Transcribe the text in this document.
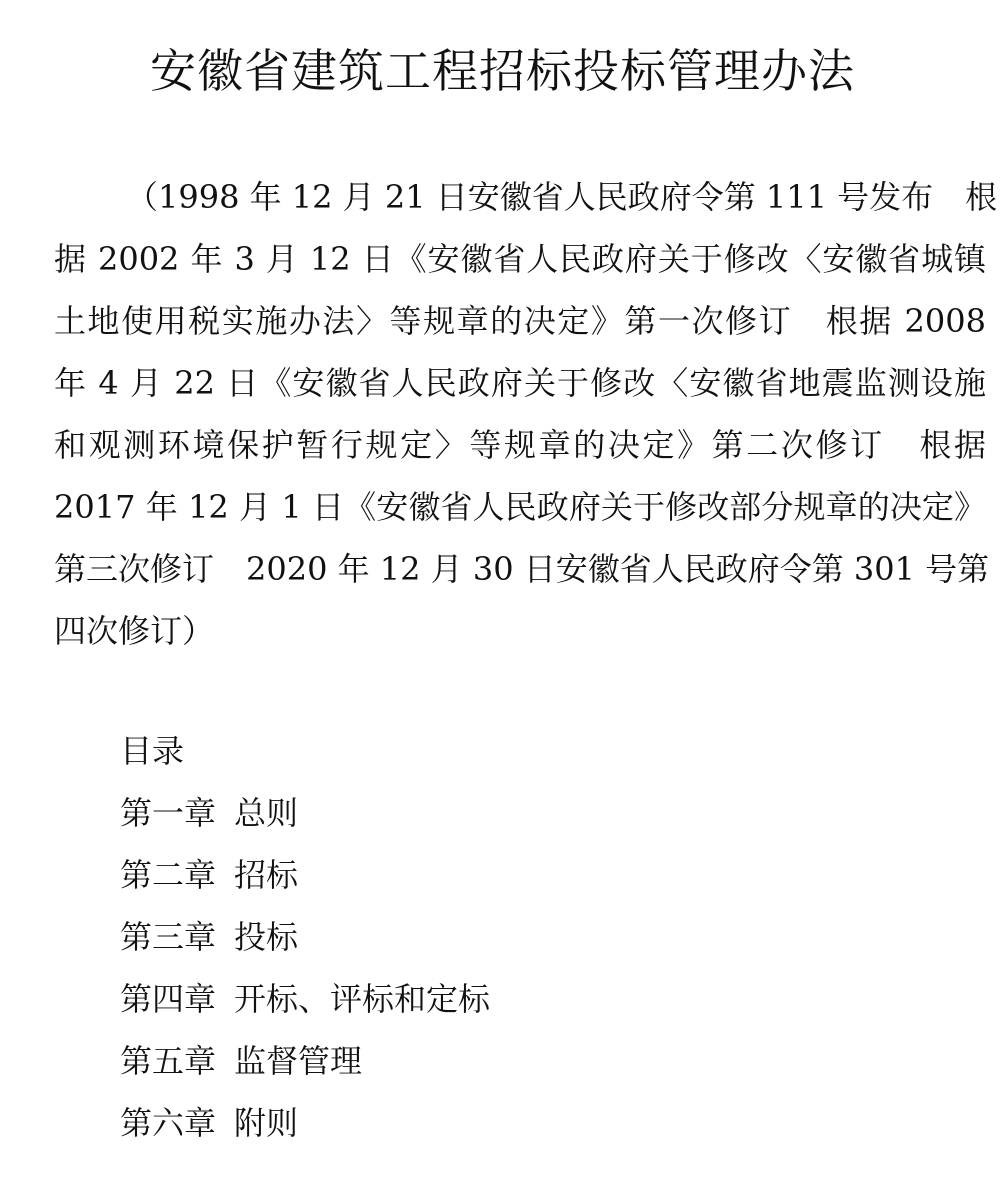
安徽省建筑工程招标投标管理办法
（1998 年 12 月 21 日安徽省人民政府令第 111 号发布　根
据 2002 年 3 月 12 日《安徽省人民政府关于修改〈安徽省城镇
土地使用税实施办法〉等规章的决定》第一次修订　根据 2008
年 4 月 22 日《安徽省人民政府关于修改〈安徽省地震监测设施
和观测环境保护暂行规定〉等规章的决定》第二次修订　根据
2017 年 12 月 1 日《安徽省人民政府关于修改部分规章的决定》
第三次修订　2020 年 12 月 30 日安徽省人民政府令第 301 号第
四次修订）
目录
第一章 总则
第二章 招标
第三章 投标
第四章 开标、评标和定标
第五章 监督管理
第六章 附则
